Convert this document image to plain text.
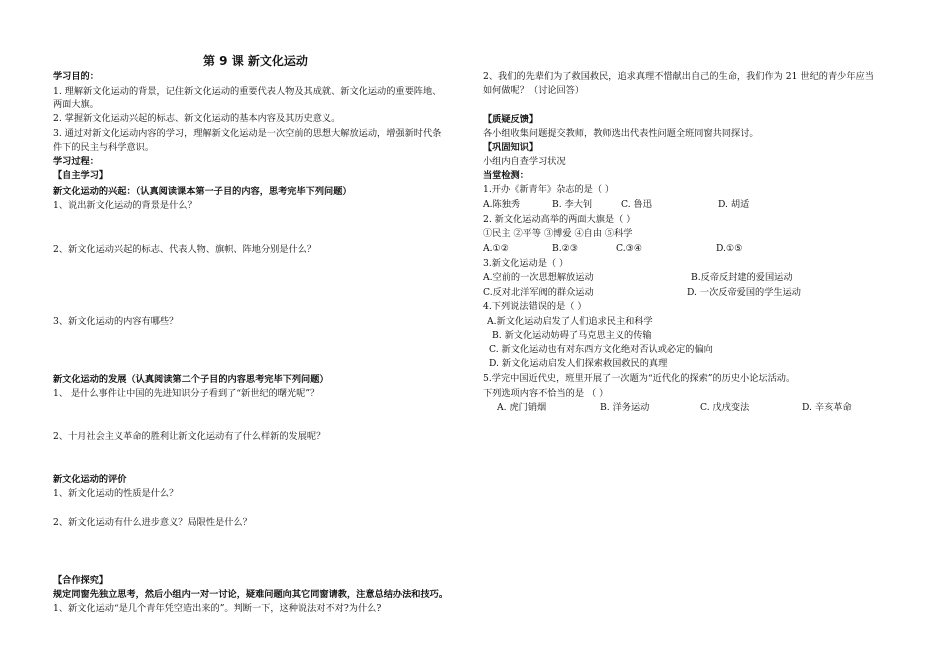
第 9 课 新文化运动
学习目的：
1. 理解新文化运动的背景，记住新文化运动的重要代表人物及其成就、新文化运动的重要阵地、
两面大旗。
2. 掌握新文化运动兴起的标志、新文化运动的基本内容及其历史意义。
3. 通过对新文化运动内容的学习，理解新文化运动是一次空前的思想大解放运动，增强新时代条
件下的民主与科学意识。
学习过程：
【自主学习】
新文化运动的兴起：（认真阅读课本第一子目的内容，思考完毕下列问题）
1、说出新文化运动的背景是什么？
2、新文化运动兴起的标志、代表人物、旗帜、阵地分别是什么？
3、新文化运动的内容有哪些？
新文化运动的发展（认真阅读第二个子目的内容思考完毕下列问题）
1、 是什么事件让中国的先进知识分子看到了“新世纪的曙光呢”？
2、十月社会主义革命的胜利让新文化运动有了什么样新的发展呢？
新文化运动的评价
1、新文化运动的性质是什么？
2、新文化运动有什么进步意义？局限性是什么？
【合作探究】
规定同窗先独立思考，然后小组内一对一讨论，疑难问题向其它同窗请教，注意总结办法和技巧。
1、新文化运动“是几个青年凭空造出来的”。判断一下，这种说法对不对?为什么?
2、我们的先辈们为了救国救民，追求真理不惜献出自己的生命，我们作为 21 世纪的青少年应当
如何做呢？（讨论回答）
【质疑反馈】
各小组收集问题提交教师，教师选出代表性问题全班同窗共同探讨。
【巩固知识】
小组内自查学习状况
当堂检测：
1.开办《新青年》杂志的是（ ）
A.陈独秀	B. 李大钊	C. 鲁迅	D. 胡适
2. 新文化运动高举的两面大旗是（ ）
①民主 ②平等 ③博爱 ④自由 ⑤科学
A.①②	B.②③	C.③④	D.①⑤
3.新文化运动是（ ）
A.空前的一次思想解放运动	B.反帝反封建的爱国运动
C.反对北洋军阀的群众运动	D. 一次反帝爱国的学生运动
4.下列说法错误的是（ ）
A.新文化运动启发了人们追求民主和科学
B. 新文化运动妨碍了马克思主义的传输
C. 新文化运动也有对东西方文化绝对否认或必定的偏向
D. 新文化运动启发人们探索救国救民的真理
5.学完中国近代史，班里开展了一次题为“近代化的探索”的历史小论坛活动。
下列选项内容不恰当的是 （ ）
A. 虎门销烟	B. 洋务运动	C. 戊戌变法	D. 辛亥革命
